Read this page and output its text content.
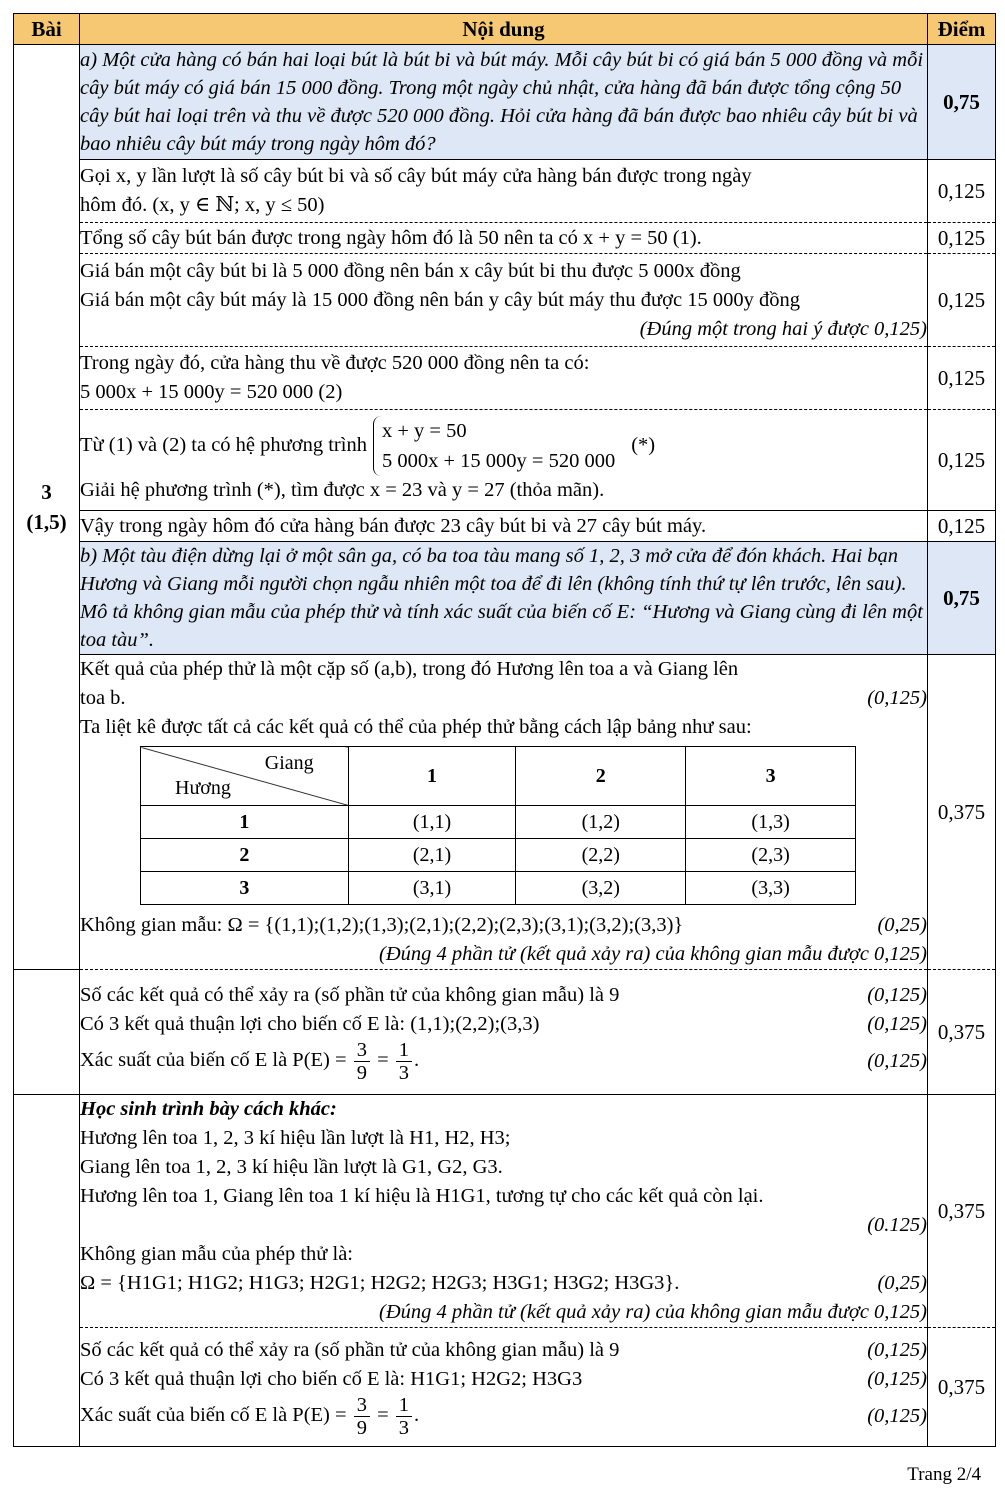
Bài	Nội dung	Điểm

3
(1,5)
	a) Một cửa hàng có bán hai loại bút là bút bi và bút máy. Mỗi cây bút bi có giá bán 5 000 đồng và mỗi cây bút máy có giá bán 15 000 đồng. Trong một ngày chủ nhật, cửa hàng đã bán được tổng cộng 50 cây bút hai loại trên và thu về được 520 000 đồng. Hỏi cửa hàng đã bán được bao nhiêu cây bút bi và bao nhiêu cây bút máy trong ngày hôm đó?	0,75

Gọi x, y lần lượt là số cây bút bi và số cây bút máy cửa hàng bán được trong ngày
hôm đó. (x, y ∈ ℕ; x, y ≤ 50)
	0,125
Tổng số cây bút bán được trong ngày hôm đó là 50 nên ta có x + y = 50 (1).	0,125

Giá bán một cây bút bi là 5 000 đồng nên bán x cây bút bi thu được 5 000x đồng
Giá bán một cây bút máy là 15 000 đồng nên bán y cây bút máy thu được 15 000y đồng
(Đúng một trong hai ý được 0,125)
	0,125

Trong ngày đó, cửa hàng thu về được 520 000 đồng nên ta có:
5 000x + 15 000y = 520 000 (2)
	0,125

Từ (1) và (2) ta có hệ phương trình
x + y = 50
5 000x + 15 000y = 520 000
(*)
Giải hệ phương trình (*), tìm được x = 23 và y = 27 (thỏa mãn).
	0,125
Vậy trong ngày hôm đó cửa hàng bán được 23 cây bút bi và 27 cây bút máy.	0,125
b) Một tàu điện dừng lại ở một sân ga, có ba toa tàu mang số 1, 2, 3 mở cửa để đón khách. Hai bạn Hương và Giang mỗi người chọn ngẫu nhiên một toa để đi lên (không tính thứ tự lên trước, lên sau). Mô tả không gian mẫu của phép thử và tính xác suất của biến cố E: “Hương và Giang cùng đi lên một toa tàu”.	0,75

Kết quả của phép thử là một cặp số (a,b), trong đó Hương lên toa a và Giang lên
toa b.	(0,125)
Ta liệt kê được tất cả các kết quả có thể của phép thử bằng cách lập bảng như sau:
Giang
Hương
	1	2	3
1	(1,1)	(1,2)	(1,3)
2	(2,1)	(2,2)	(2,3)
3	(3,1)	(3,2)	(3,3)
Không gian mẫu: Ω = {(1,1);(1,2);(1,3);(2,1);(2,2);(2,3);(3,1);(3,2);(3,3)}	(0,25)
(Đúng 4 phần tử (kết quả xảy ra) của không gian mẫu được 0,125)
	0,375

Số các kết quả có thể xảy ra (số phần tử của không gian mẫu) là 9	(0,125)
Có 3 kết quả thuận lợi cho biến cố E là: (1,1);(2,2);(3,3)	(0,125)
Xác suất của biến cố E là $P(E) = \frac{3}{9} = \frac{1}{3}$ .	(0,125)
	0,375

Học sinh trình bày cách khác:
Hương lên toa 1, 2, 3 kí hiệu lần lượt là H1, H2, H3;
Giang lên toa 1, 2, 3 kí hiệu lần lượt là G1, G2, G3.
Hương lên toa 1, Giang lên toa 1 kí hiệu là H1G1, tương tự cho các kết quả còn lại.
(0.125)
Không gian mẫu của phép thử là:
Ω = {H1G1; H1G2; H1G3; H2G1; H2G2; H2G3; H3G1; H3G2; H3G3}.	(0,25)
(Đúng 4 phần tử (kết quả xảy ra) của không gian mẫu được 0,125)
	0,375

Số các kết quả có thể xảy ra (số phần tử của không gian mẫu) là 9	(0,125)
Có 3 kết quả thuận lợi cho biến cố E là: H1G1; H2G2; H3G3	(0,125)
Xác suất của biến cố E là $P(E) = \frac{3}{9} = \frac{1}{3}$ .	(0,125)
	0,375
Trang 2/4
